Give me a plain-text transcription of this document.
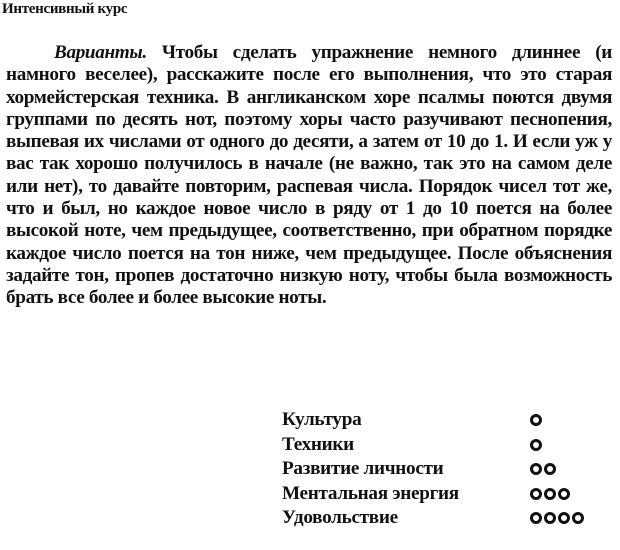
Интенсивный курс

Варианты. Чтобы сделать упражнение немного длиннее (и намного веселее), расскажите после его выполнения, что это старая хормейстерская техника. В англиканском хоре псалмы поются двумя группами по десять нот, поэтому хоры часто разучивают песнопения, выпевая их числами от одного до десяти, а затем от 10 до 1. И если уж у вас так хорошо получилось в начале (не важно, так это на самом деле или нет), то давайте повторим, распевая числа. Порядок чисел тот же, что и был, но каждое новое число в ряду от 1 до 10 поется на более высокой ноте, чем предыдущее, соответственно, при обратном порядке каждое число поется на тон ниже, чем предыдущее. После объяснения задайте тон, пропев достаточно низкую ноту, чтобы была возможность брать все более и более высокие ноты.

Культура
Техники
Развитие личности
Ментальная энергия
Удовольствие
